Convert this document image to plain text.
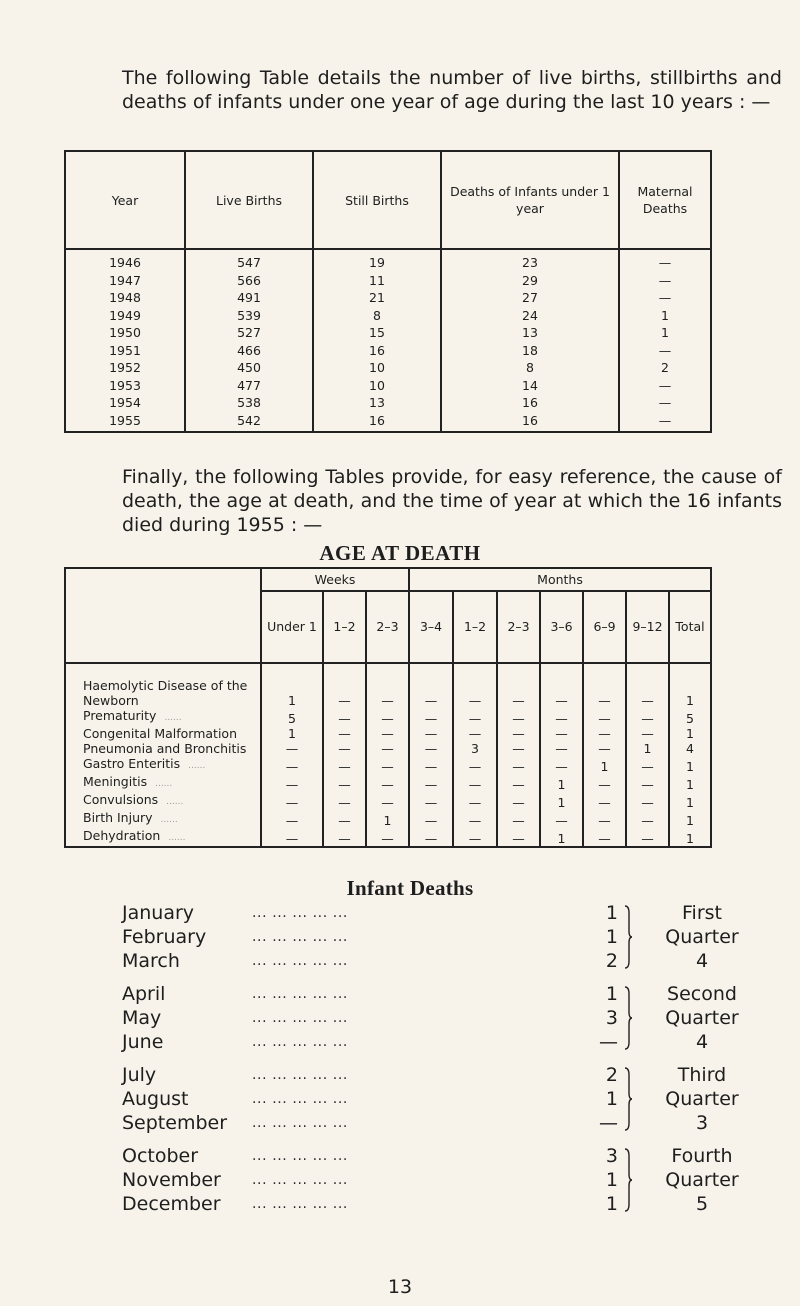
The following Table details the number of live births, stillbirths and deaths of infants under one year of age during the last 10 years : —

Year	Live Births	Still Births	Deaths of Infants under 1 year	Maternal Deaths
1946	547	19	23	—
1947	566	11	29	—
1948	491	21	27	—
1949	539	8	24	1
1950	527	15	13	1
1951	466	16	18	—
1952	450	10	8	2
1953	477	10	14	—
1954	538	13	16	—
1955	542	16	16	—

Finally, the following Tables provide, for easy reference, the cause of death, the age at death, and the time of year at which the 16 infants died during 1955 : —

AGE AT DEATH
	Weeks			Months						
	Under 1	1–2	2–3	3–4	1–2	2–3	3–6	6–9	9–12	Total
Haemolytic Disease of the Newborn	1	—	—	—	—	—	—	—	—	1
Prematurity ......	5	—	—	—	—	—	—	—	—	5
Congenital Malformation	1	—	—	—	—	—	—	—	—	1
Pneumonia and Bronchitis	—	—	—	—	3	—	—	—	1	4
Gastro Enteritis ......	—	—	—	—	—	—	—	1	—	1
Meningitis ......	—	—	—	—	—	—	1	—	—	1
Convulsions ......	—	—	—	—	—	—	1	—	—	1
Birth Injury ......	—	—	1	—	—	—	—	—	—	1
Dehydration ......	—	—	—	—	—	—	1	—	—	1
Infant Deaths
January	... ... ... ... ...	1
February	... ... ... ... ...	1
March	... ... ... ... ...	2
First
Quarter
4
April	... ... ... ... ...	1
May	... ... ... ... ...	3
June	... ... ... ... ...	—
Second
Quarter
4
July	... ... ... ... ...	2
August	... ... ... ... ...	1
September ... ... ... ... ...	—
Third
Quarter
3
October	... ... ... ... ...	3
November ... ... ... ... ...	1
December ... ... ... ... ...	1
Fourth
Quarter
5
13
